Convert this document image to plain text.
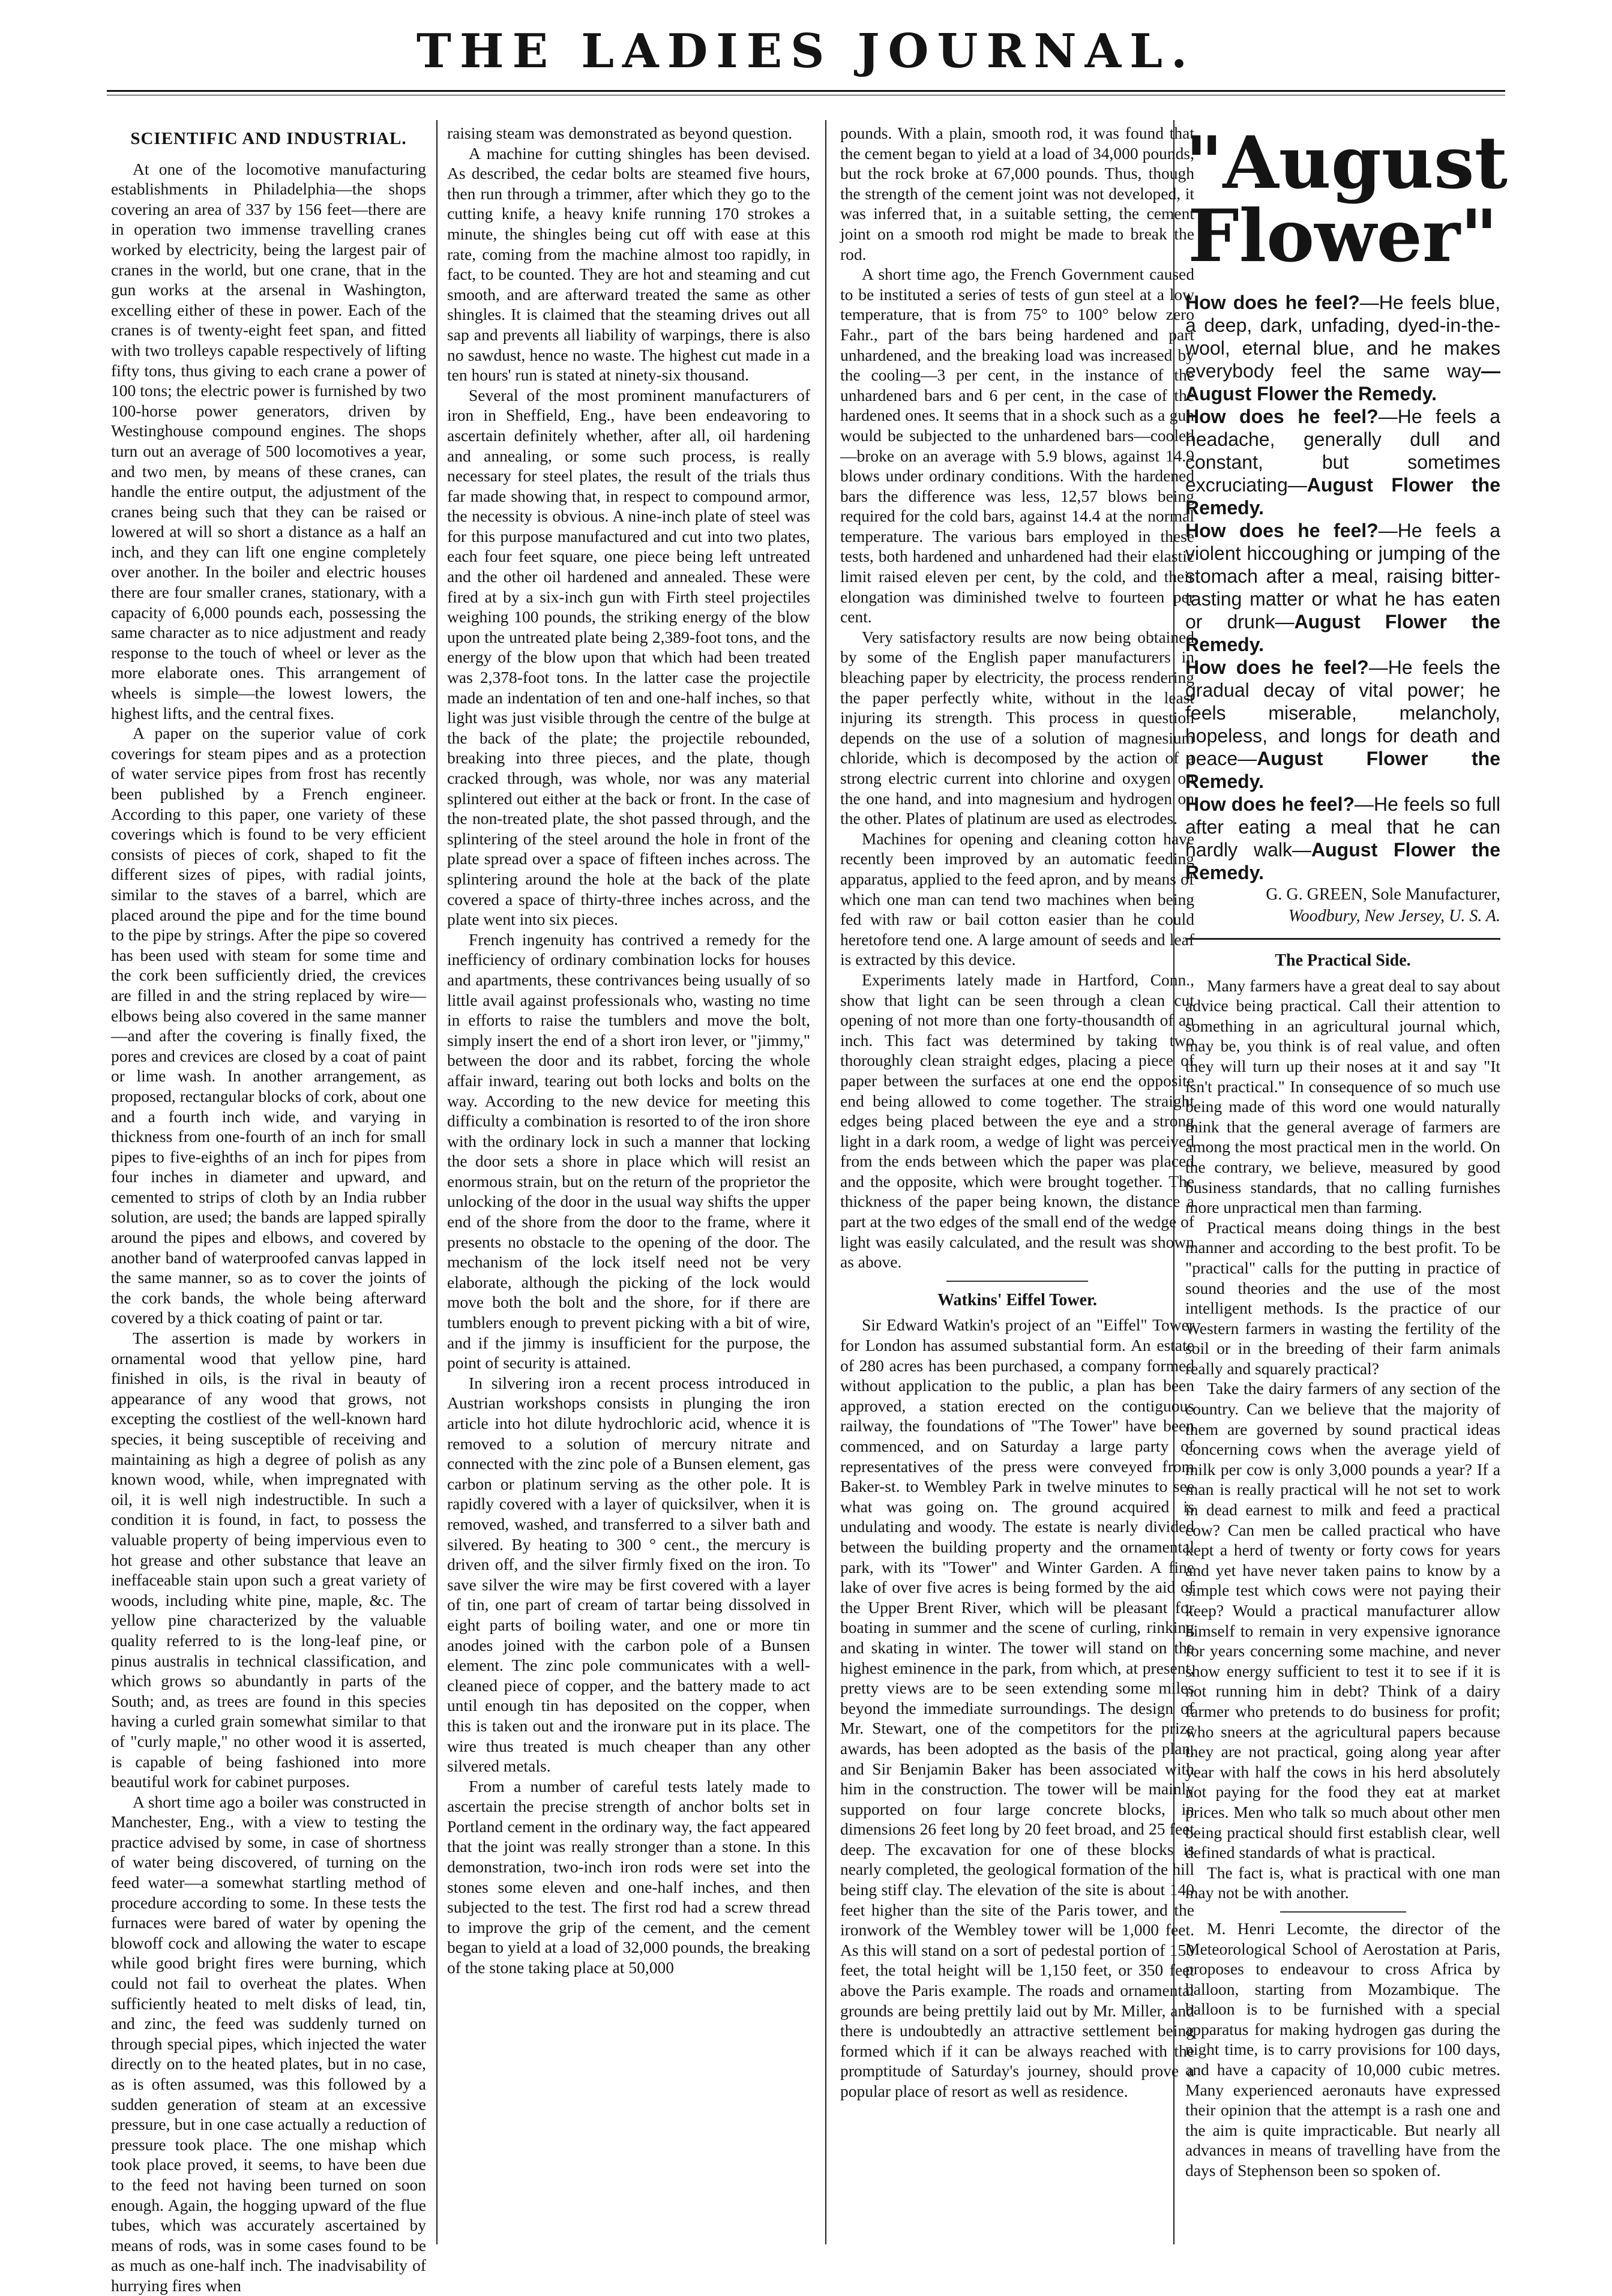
THE LADIES JOURNAL.
SCIENTIFIC AND INDUSTRIAL.

At one of the locomotive manufacturing establishments in Philadelphia—the shops covering an area of 337 by 156 feet—there are in operation two immense travelling cranes worked by electricity, being the largest pair of cranes in the world, but one crane, that in the gun works at the arsenal in Washington, excelling either of these in power. Each of the cranes is of twenty-eight feet span, and fitted with two trolleys capable respectively of lifting fifty tons, thus giving to each crane a power of 100 tons; the electric power is furnished by two 100-horse power generators, driven by Westinghouse compound engines. The shops turn out an average of 500 locomotives a year, and two men, by means of these cranes, can handle the entire output, the adjustment of the cranes being such that they can be raised or lowered at will so short a distance as a half an inch, and they can lift one engine completely over another. In the boiler and electric houses there are four smaller cranes, stationary, with a capacity of 6,000 pounds each, possessing the same character as to nice adjustment and ready response to the touch of wheel or lever as the more elaborate ones. This arrangement of wheels is simple—the lowest lowers, the highest lifts, and the central fixes.

A paper on the superior value of cork coverings for steam pipes and as a protection of water service pipes from frost has recently been published by a French engineer. According to this paper, one variety of these coverings which is found to be very efficient consists of pieces of cork, shaped to fit the different sizes of pipes, with radial joints, similar to the staves of a barrel, which are placed around the pipe and for the time bound to the pipe by strings. After the pipe so covered has been used with steam for some time and the cork been sufficiently dried, the crevices are filled in and the string replaced by wire—elbows being also covered in the same manner—and after the covering is finally fixed, the pores and crevices are closed by a coat of paint or lime wash. In another arrangement, as proposed, rectangular blocks of cork, about one and a fourth inch wide, and varying in thickness from one-fourth of an inch for small pipes to five-eighths of an inch for pipes from four inches in diameter and upward, and cemented to strips of cloth by an India rubber solution, are used; the bands are lapped spirally around the pipes and elbows, and covered by another band of waterproofed canvas lapped in the same manner, so as to cover the joints of the cork bands, the whole being afterward covered by a thick coating of paint or tar.

The assertion is made by workers in ornamental wood that yellow pine, hard finished in oils, is the rival in beauty of appearance of any wood that grows, not excepting the costliest of the well-known hard species, it being susceptible of receiving and maintaining as high a degree of polish as any known wood, while, when impregnated with oil, it is well nigh indestructible. In such a condition it is found, in fact, to possess the valuable property of being impervious even to hot grease and other substance that leave an ineffaceable stain upon such a great variety of woods, including white pine, maple, &c. The yellow pine characterized by the valuable quality referred to is the long-leaf pine, or pinus australis in technical classification, and which grows so abundantly in parts of the South; and, as trees are found in this species having a curled grain somewhat similar to that of "curly maple," no other wood it is asserted, is capable of being fashioned into more beautiful work for cabinet purposes.

A short time ago a boiler was constructed in Manchester, Eng., with a view to testing the practice advised by some, in case of shortness of water being discovered, of turning on the feed water—a somewhat startling method of procedure according to some. In these tests the furnaces were bared of water by opening the blowoff cock and allowing the water to escape while good bright fires were burning, which could not fail to overheat the plates. When sufficiently heated to melt disks of lead, tin, and zinc, the feed was suddenly turned on through special pipes, which injected the water directly on to the heated plates, but in no case, as is often assumed, was this followed by a sudden generation of steam at an excessive pressure, but in one case actually a reduction of pressure took place. The one mishap which took place proved, it seems, to have been due to the feed not having been turned on soon enough. Again, the hogging upward of the flue tubes, which was accurately ascertained by means of rods, was in some cases found to be as much as one-half inch. The inadvisability of hurrying fires when

raising steam was demonstrated as beyond question.

A machine for cutting shingles has been devised. As described, the cedar bolts are steamed five hours, then run through a trimmer, after which they go to the cutting knife, a heavy knife running 170 strokes a minute, the shingles being cut off with ease at this rate, coming from the machine almost too rapidly, in fact, to be counted. They are hot and steaming and cut smooth, and are afterward treated the same as other shingles. It is claimed that the steaming drives out all sap and prevents all liability of warpings, there is also no sawdust, hence no waste. The highest cut made in a ten hours' run is stated at ninety-six thousand.

Several of the most prominent manufacturers of iron in Sheffield, Eng., have been endeavoring to ascertain definitely whether, after all, oil hardening and annealing, or some such process, is really necessary for steel plates, the result of the trials thus far made showing that, in respect to compound armor, the necessity is obvious. A nine-inch plate of steel was for this purpose manufactured and cut into two plates, each four feet square, one piece being left untreated and the other oil hardened and annealed. These were fired at by a six-inch gun with Firth steel projectiles weighing 100 pounds, the striking energy of the blow upon the untreated plate being 2,389-foot tons, and the energy of the blow upon that which had been treated was 2,378-foot tons. In the latter case the projectile made an indentation of ten and one-half inches, so that light was just visible through the centre of the bulge at the back of the plate; the projectile rebounded, breaking into three pieces, and the plate, though cracked through, was whole, nor was any material splintered out either at the back or front. In the case of the non-treated plate, the shot passed through, and the splintering of the steel around the hole in front of the plate spread over a space of fifteen inches across. The splintering around the hole at the back of the plate covered a space of thirty-three inches across, and the plate went into six pieces.

French ingenuity has contrived a remedy for the inefficiency of ordinary combination locks for houses and apartments, these contrivances being usually of so little avail against professionals who, wasting no time in efforts to raise the tumblers and move the bolt, simply insert the end of a short iron lever, or "jimmy," between the door and its rabbet, forcing the whole affair inward, tearing out both locks and bolts on the way. According to the new device for meeting this difficulty a combination is resorted to of the iron shore with the ordinary lock in such a manner that locking the door sets a shore in place which will resist an enormous strain, but on the return of the proprietor the unlocking of the door in the usual way shifts the upper end of the shore from the door to the frame, where it presents no obstacle to the opening of the door. The mechanism of the lock itself need not be very elaborate, although the picking of the lock would move both the bolt and the shore, for if there are tumblers enough to prevent picking with a bit of wire, and if the jimmy is insufficient for the purpose, the point of security is attained.

In silvering iron a recent process introduced in Austrian workshops consists in plunging the iron article into hot dilute hydrochloric acid, whence it is removed to a solution of mercury nitrate and connected with the zinc pole of a Bunsen element, gas carbon or platinum serving as the other pole. It is rapidly covered with a layer of quicksilver, when it is removed, washed, and transferred to a silver bath and silvered. By heating to 300 ° cent., the mercury is driven off, and the silver firmly fixed on the iron. To save silver the wire may be first covered with a layer of tin, one part of cream of tartar being dissolved in eight parts of boiling water, and one or more tin anodes joined with the carbon pole of a Bunsen element. The zinc pole communicates with a well-cleaned piece of copper, and the battery made to act until enough tin has deposited on the copper, when this is taken out and the ironware put in its place. The wire thus treated is much cheaper than any other silvered metals.

From a number of careful tests lately made to ascertain the precise strength of anchor bolts set in Portland cement in the ordinary way, the fact appeared that the joint was really stronger than a stone. In this demonstration, two-inch iron rods were set into the stones some eleven and one-half inches, and then subjected to the test. The first rod had a screw thread to improve the grip of the cement, and the cement began to yield at a load of 32,000 pounds, the breaking of the stone taking place at 50,000

pounds. With a plain, smooth rod, it was found that the cement began to yield at a load of 34,000 pounds, but the rock broke at 67,000 pounds. Thus, though the strength of the cement joint was not developed, it was inferred that, in a suitable setting, the cement joint on a smooth rod might be made to break the rod.

A short time ago, the French Government caused to be instituted a series of tests of gun steel at a low temperature, that is from 75° to 100° below zero Fahr., part of the bars being hardened and part unhardened, and the breaking load was increased by the cooling—3 per cent, in the instance of the unhardened bars and 6 per cent, in the case of the hardened ones. It seems that in a shock such as a gun would be subjected to the unhardened bars—cooled—broke on an average with 5.9 blows, against 14.9 blows under ordinary conditions. With the hardened bars the difference was less, 12,57 blows being required for the cold bars, against 14.4 at the normal temperature. The various bars employed in these tests, both hardened and unhardened had their elastic limit raised eleven per cent, by the cold, and their elongation was diminished twelve to fourteen per cent.

Very satisfactory results are now being obtained by some of the English paper manufacturers in bleaching paper by electricity, the process rendering the paper perfectly white, without in the least injuring its strength. This process in question depends on the use of a solution of magnesium chloride, which is decomposed by the action of a strong electric current into chlorine and oxygen on the one hand, and into magnesium and hydrogen on the other. Plates of platinum are used as electrodes.

Machines for opening and cleaning cotton have recently been improved by an automatic feeding apparatus, applied to the feed apron, and by means of which one man can tend two machines when being fed with raw or bail cotton easier than he could heretofore tend one. A large amount of seeds and leaf is extracted by this device.

Experiments lately made in Hartford, Conn., show that light can be seen through a clean cut opening of not more than one forty-thousandth of an inch. This fact was determined by taking two thoroughly clean straight edges, placing a piece of paper between the surfaces at one end the opposite end being allowed to come together. The straight edges being placed between the eye and a strong light in a dark room, a wedge of light was perceived from the ends between which the paper was placed and the opposite, which were brought together. The thickness of the paper being known, the distance a part at the two edges of the small end of the wedge of light was easily calculated, and the result was shown as above.

Watkins' Eiffel Tower.

Sir Edward Watkin's project of an "Eiffel" Tower for London has assumed substantial form. An estate of 280 acres has been purchased, a company formed without application to the public, a plan has been approved, a station erected on the contiguous railway, the foundations of "The Tower" have been commenced, and on Saturday a large party of representatives of the press were conveyed from Baker-st. to Wembley Park in twelve minutes to see what was going on. The ground acquired is undulating and woody. The estate is nearly divided between the building property and the ornamental park, with its "Tower" and Winter Garden. A fine lake of over five acres is being formed by the aid of the Upper Brent River, which will be pleasant for boating in summer and the scene of curling, rinking and skating in winter. The tower will stand on the highest eminence in the park, from which, at present, pretty views are to be seen extending some miles beyond the immediate surroundings. The design of Mr. Stewart, one of the competitors for the prize awards, has been adopted as the basis of the plan, and Sir Benjamin Baker has been associated with him in the construction. The tower will be mainly supported on four large concrete blocks, in dimensions 26 feet long by 20 feet broad, and 25 feet deep. The excavation for one of these blocks is nearly completed, the geological formation of the hill being stiff clay. The elevation of the site is about 140 feet higher than the site of the Paris tower, and the ironwork of the Wembley tower will be 1,000 feet. As this will stand on a sort of pedestal portion of 150 feet, the total height will be 1,150 feet, or 350 feet above the Paris example. The roads and ornamental grounds are being prettily laid out by Mr. Miller, and there is undoubtedly an attractive settlement being formed which if it can be always reached with the promptitude of Saturday's journey, should prove a popular place of resort as well as residence.

"August
Flower"

How does he feel?—He feels blue, a deep, dark, unfading, dyed-in-the-wool, eternal blue, and he makes everybody feel the same way—August Flower the Remedy.

How does he feel?—He feels a headache, generally dull and constant, but sometimes excruciating—August Flower the Remedy.

How does he feel?—He feels a violent hiccoughing or jumping of the stomach after a meal, raising bitter-tasting matter or what he has eaten or drunk—August Flower the Remedy.

How does he feel?—He feels the gradual decay of vital power; he feels miserable, melancholy, hopeless, and longs for death and peace—August Flower the Remedy.

How does he feel?—He feels so full after eating a meal that he can hardly walk—August Flower the Remedy.

G. G. GREEN, Sole Manufacturer,

Woodbury, New Jersey, U. S. A.

The Practical Side.

Many farmers have a great deal to say about advice being practical. Call their attention to something in an agricultural journal which, may be, you think is of real value, and often they will turn up their noses at it and say "It isn't practical." In consequence of so much use being made of this word one would naturally think that the general average of farmers are among the most practical men in the world. On the contrary, we believe, measured by good business standards, that no calling furnishes more unpractical men than farming.

Practical means doing things in the best manner and according to the best profit. To be "practical" calls for the putting in practice of sound theories and the use of the most intelligent methods. Is the practice of our Western farmers in wasting the fertility of the soil or in the breeding of their farm animals really and squarely practical?

Take the dairy farmers of any section of the country. Can we believe that the majority of them are governed by sound practical ideas concerning cows when the average yield of milk per cow is only 3,000 pounds a year? If a man is really practical will he not set to work in dead earnest to milk and feed a practical cow? Can men be called practical who have kept a herd of twenty or forty cows for years and yet have never taken pains to know by a simple test which cows were not paying their keep? Would a practical manufacturer allow himself to remain in very expensive ignorance for years concerning some machine, and never show energy sufficient to test it to see if it is not running him in debt? Think of a dairy farmer who pretends to do business for profit; who sneers at the agricultural papers because they are not practical, going along year after year with half the cows in his herd absolutely not paying for the food they eat at market prices. Men who talk so much about other men being practical should first establish clear, well defined standards of what is practical.

The fact is, what is practical with one man may not be with another.

M. Henri Lecomte, the director of the Meteorological School of Aerostation at Paris, proposes to endeavour to cross Africa by balloon, starting from Mozambique. The balloon is to be furnished with a special apparatus for making hydrogen gas during the night time, is to carry provisions for 100 days, and have a capacity of 10,000 cubic metres. Many experienced aeronauts have expressed their opinion that the attempt is a rash one and the aim is quite impracticable. But nearly all advances in means of travelling have from the days of Stephenson been so spoken of.
